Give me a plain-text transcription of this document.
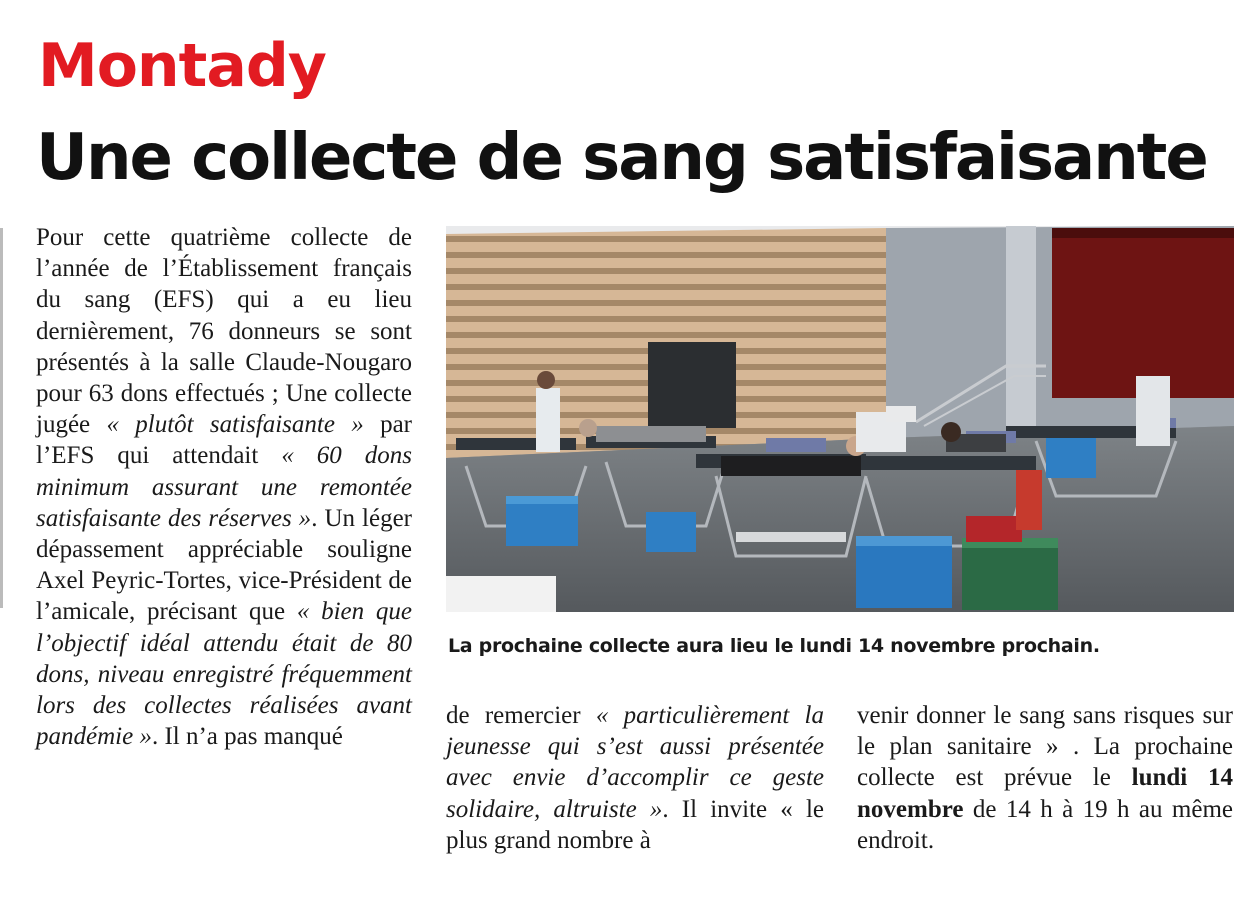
Montady
Une collecte de sang satisfaisante

Pour cette quatrième collecte de l’année de l’Établissement français du sang (EFS) qui a eu lieu dernièrement, 76 donneurs se sont présentés à la salle Claude-Nougaro pour 63 dons effectués ; Une collecte jugée « plutôt satisfaisante » par l’EFS qui attendait « 60 dons minimum assurant une remontée satisfaisante des réserves ». Un léger dépassement appréciable souligne Axel Peyric-Tortes, vice-Président de l’amicale, précisant que « bien que l’objectif idéal attendu était de 80 dons, niveau enregistré fréquemment lors des collectes réalisées avant pandémie ». Il n’a pas manqué

La prochaine collecte aura lieu le lundi 14 novembre prochain.

de remercier « particulièrement la jeunesse qui s’est aussi présentée avec envie d’accomplir ce geste solidaire, altruiste ». Il invite « le plus grand nombre à

venir donner le sang sans risques sur le plan sanitaire » . La prochaine collecte est prévue le lundi 14 novembre de 14 h à 19 h au même endroit.
